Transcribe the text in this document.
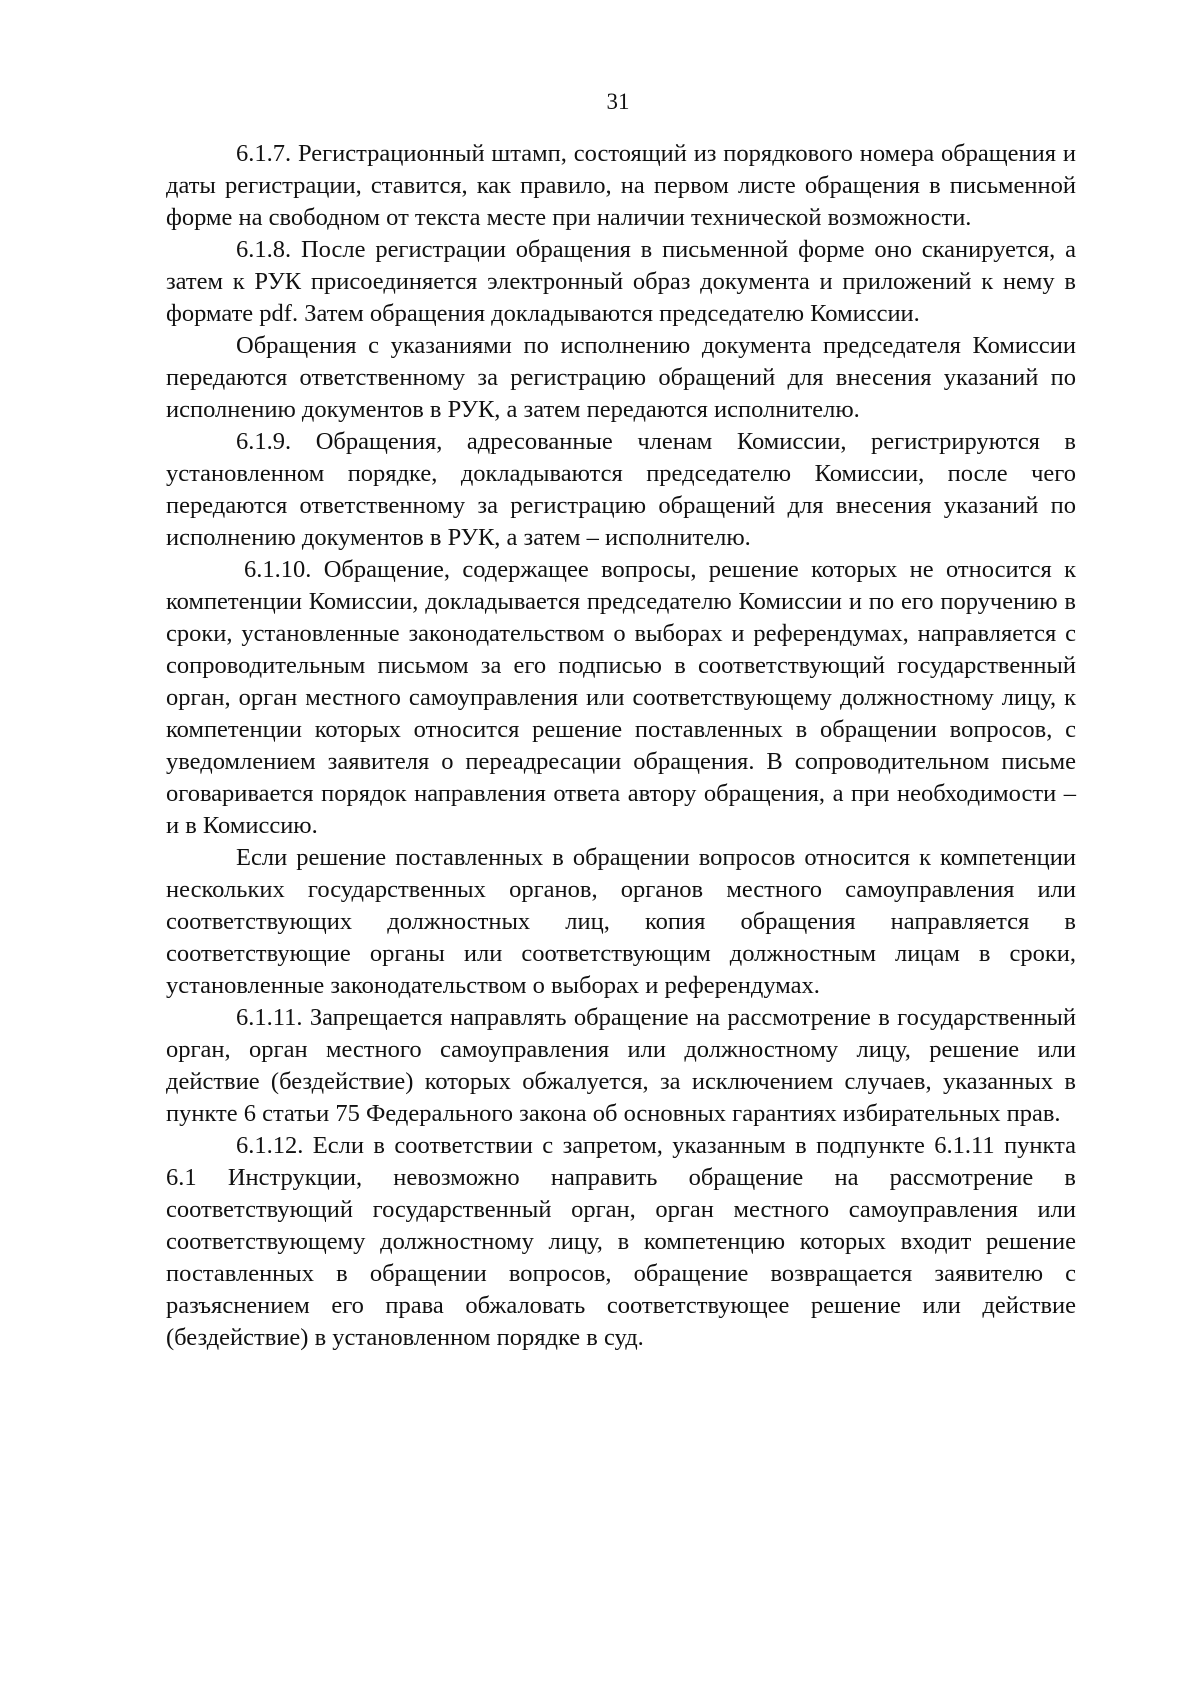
31

6.1.7. Регистрационный штамп, состоящий из порядкового номера обращения и даты регистрации, ставится, как правило, на первом листе обращения в письменной форме на свободном от текста месте при наличии технической возможности.

6.1.8. После регистрации обращения в письменной форме оно сканируется, а затем к РУК присоединяется электронный образ документа и приложений к нему в формате pdf. Затем обращения докладываются председателю Комиссии.

Обращения с указаниями по исполнению документа председателя Комиссии передаются ответственному за регистрацию обращений для внесения указаний по исполнению документов в РУК, а затем передаются исполнителю.

6.1.9. Обращения, адресованные членам Комиссии, регистрируются в установленном порядке, докладываются председателю Комиссии, после чего передаются ответственному за регистрацию обращений для внесения указаний по исполнению документов в РУК, а затем – исполнителю.

6.1.10. Обращение, содержащее вопросы, решение которых не относится к компетенции Комиссии, докладывается председателю Комиссии и по его поручению в сроки, установленные законодательством о выборах и референдумах, направляется с сопроводительным письмом за его подписью в соответствующий государственный орган, орган местного самоуправления или соответствующему должностному лицу, к компетенции которых относится решение поставленных в обращении вопросов, с уведомлением заявителя о переадресации обращения. В сопроводительном письме оговаривается порядок направления ответа автору обращения, а при необходимости – и в Комиссию.

Если решение поставленных в обращении вопросов относится к компетенции нескольких государственных органов, органов местного самоуправления или соответствующих должностных лиц, копия обращения направляется в соответствующие органы или соответствующим должностным лицам в сроки, установленные законодательством о выборах и референдумах.

6.1.11. Запрещается направлять обращение на рассмотрение в государственный орган, орган местного самоуправления или должностному лицу, решение или действие (бездействие) которых обжалуется, за исключением случаев, указанных в пункте 6 статьи 75 Федерального закона об основных гарантиях избирательных прав.

6.1.12. Если в соответствии с запретом, указанным в подпункте 6.1.11 пункта 6.1 Инструкции, невозможно направить обращение на рассмотрение в соответствующий государственный орган, орган местного самоуправления или соответствующему должностному лицу, в компетенцию которых входит решение поставленных в обращении вопросов, обращение возвращается заявителю с разъяснением его права обжаловать соответствующее решение или действие (бездействие) в установленном порядке в суд.
